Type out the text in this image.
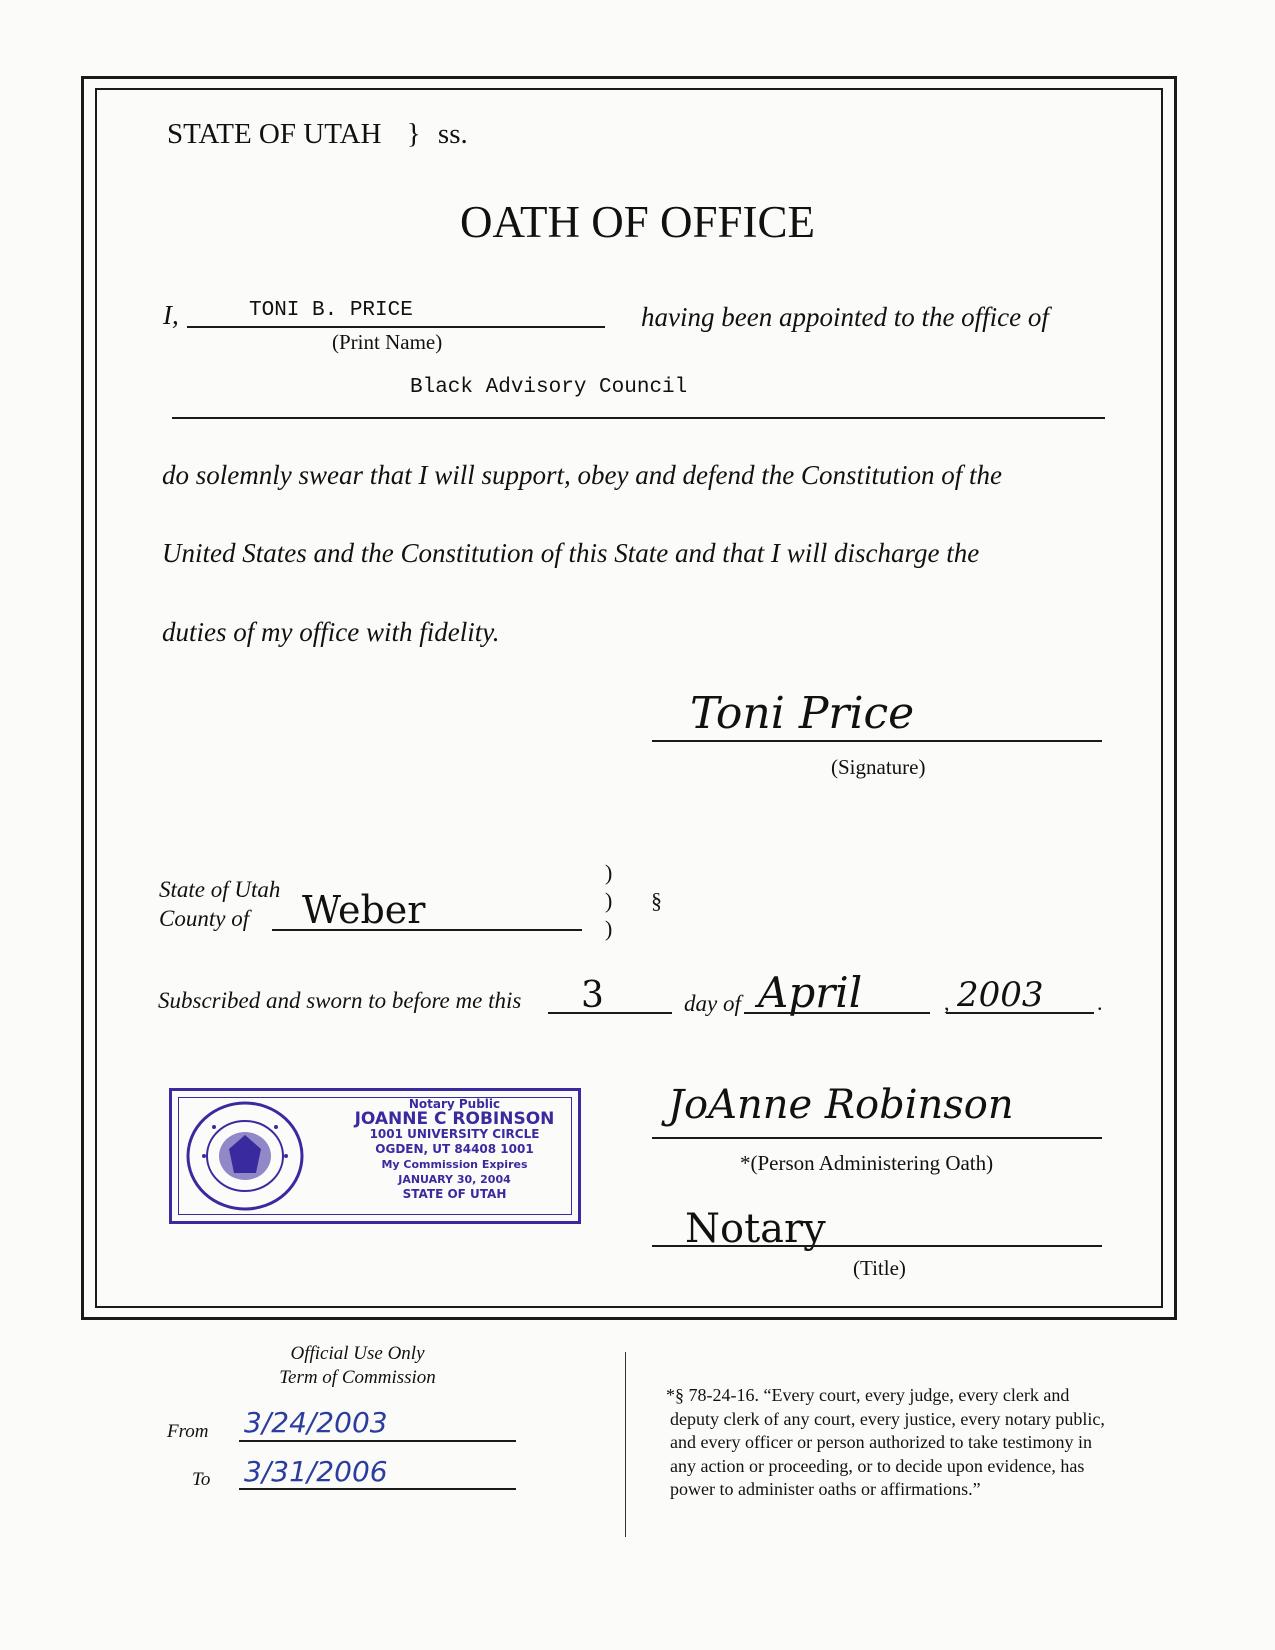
STATE OF UTAH } ss.
OATH OF OFFICE
I,	TONI B. PRICE	having been appointed to the office of
(Print Name)
Black Advisory Council
do solemnly swear that I will support, obey and defend the Constitution of the
United States and the Constitution of this State and that I will discharge the
duties of my office with fidelity.
Toni Price
(Signature)
State of Utah
County of Weber
)
)
)
§
Subscribed and sworn to before me this 3	day of April	, 2003 .
Notary Public
JOANNE C ROBINSON
1001 UNIVERSITY CIRCLE
OGDEN, UT 84408 1001
My Commission Expires
JANUARY 30, 2004
STATE OF UTAH
JoAnne Robinson
*(Person Administering Oath)
Notary
(Title)
Official Use Only
Term of Commission
From 3/24/2003
To 3/31/2006
*§ 78-24-16. “Every court, every judge, every clerk and
deputy clerk of any court, every justice, every notary public,
and every officer or person authorized to take testimony in
any action or proceeding, or to decide upon evidence, has
power to administer oaths or affirmations.”
